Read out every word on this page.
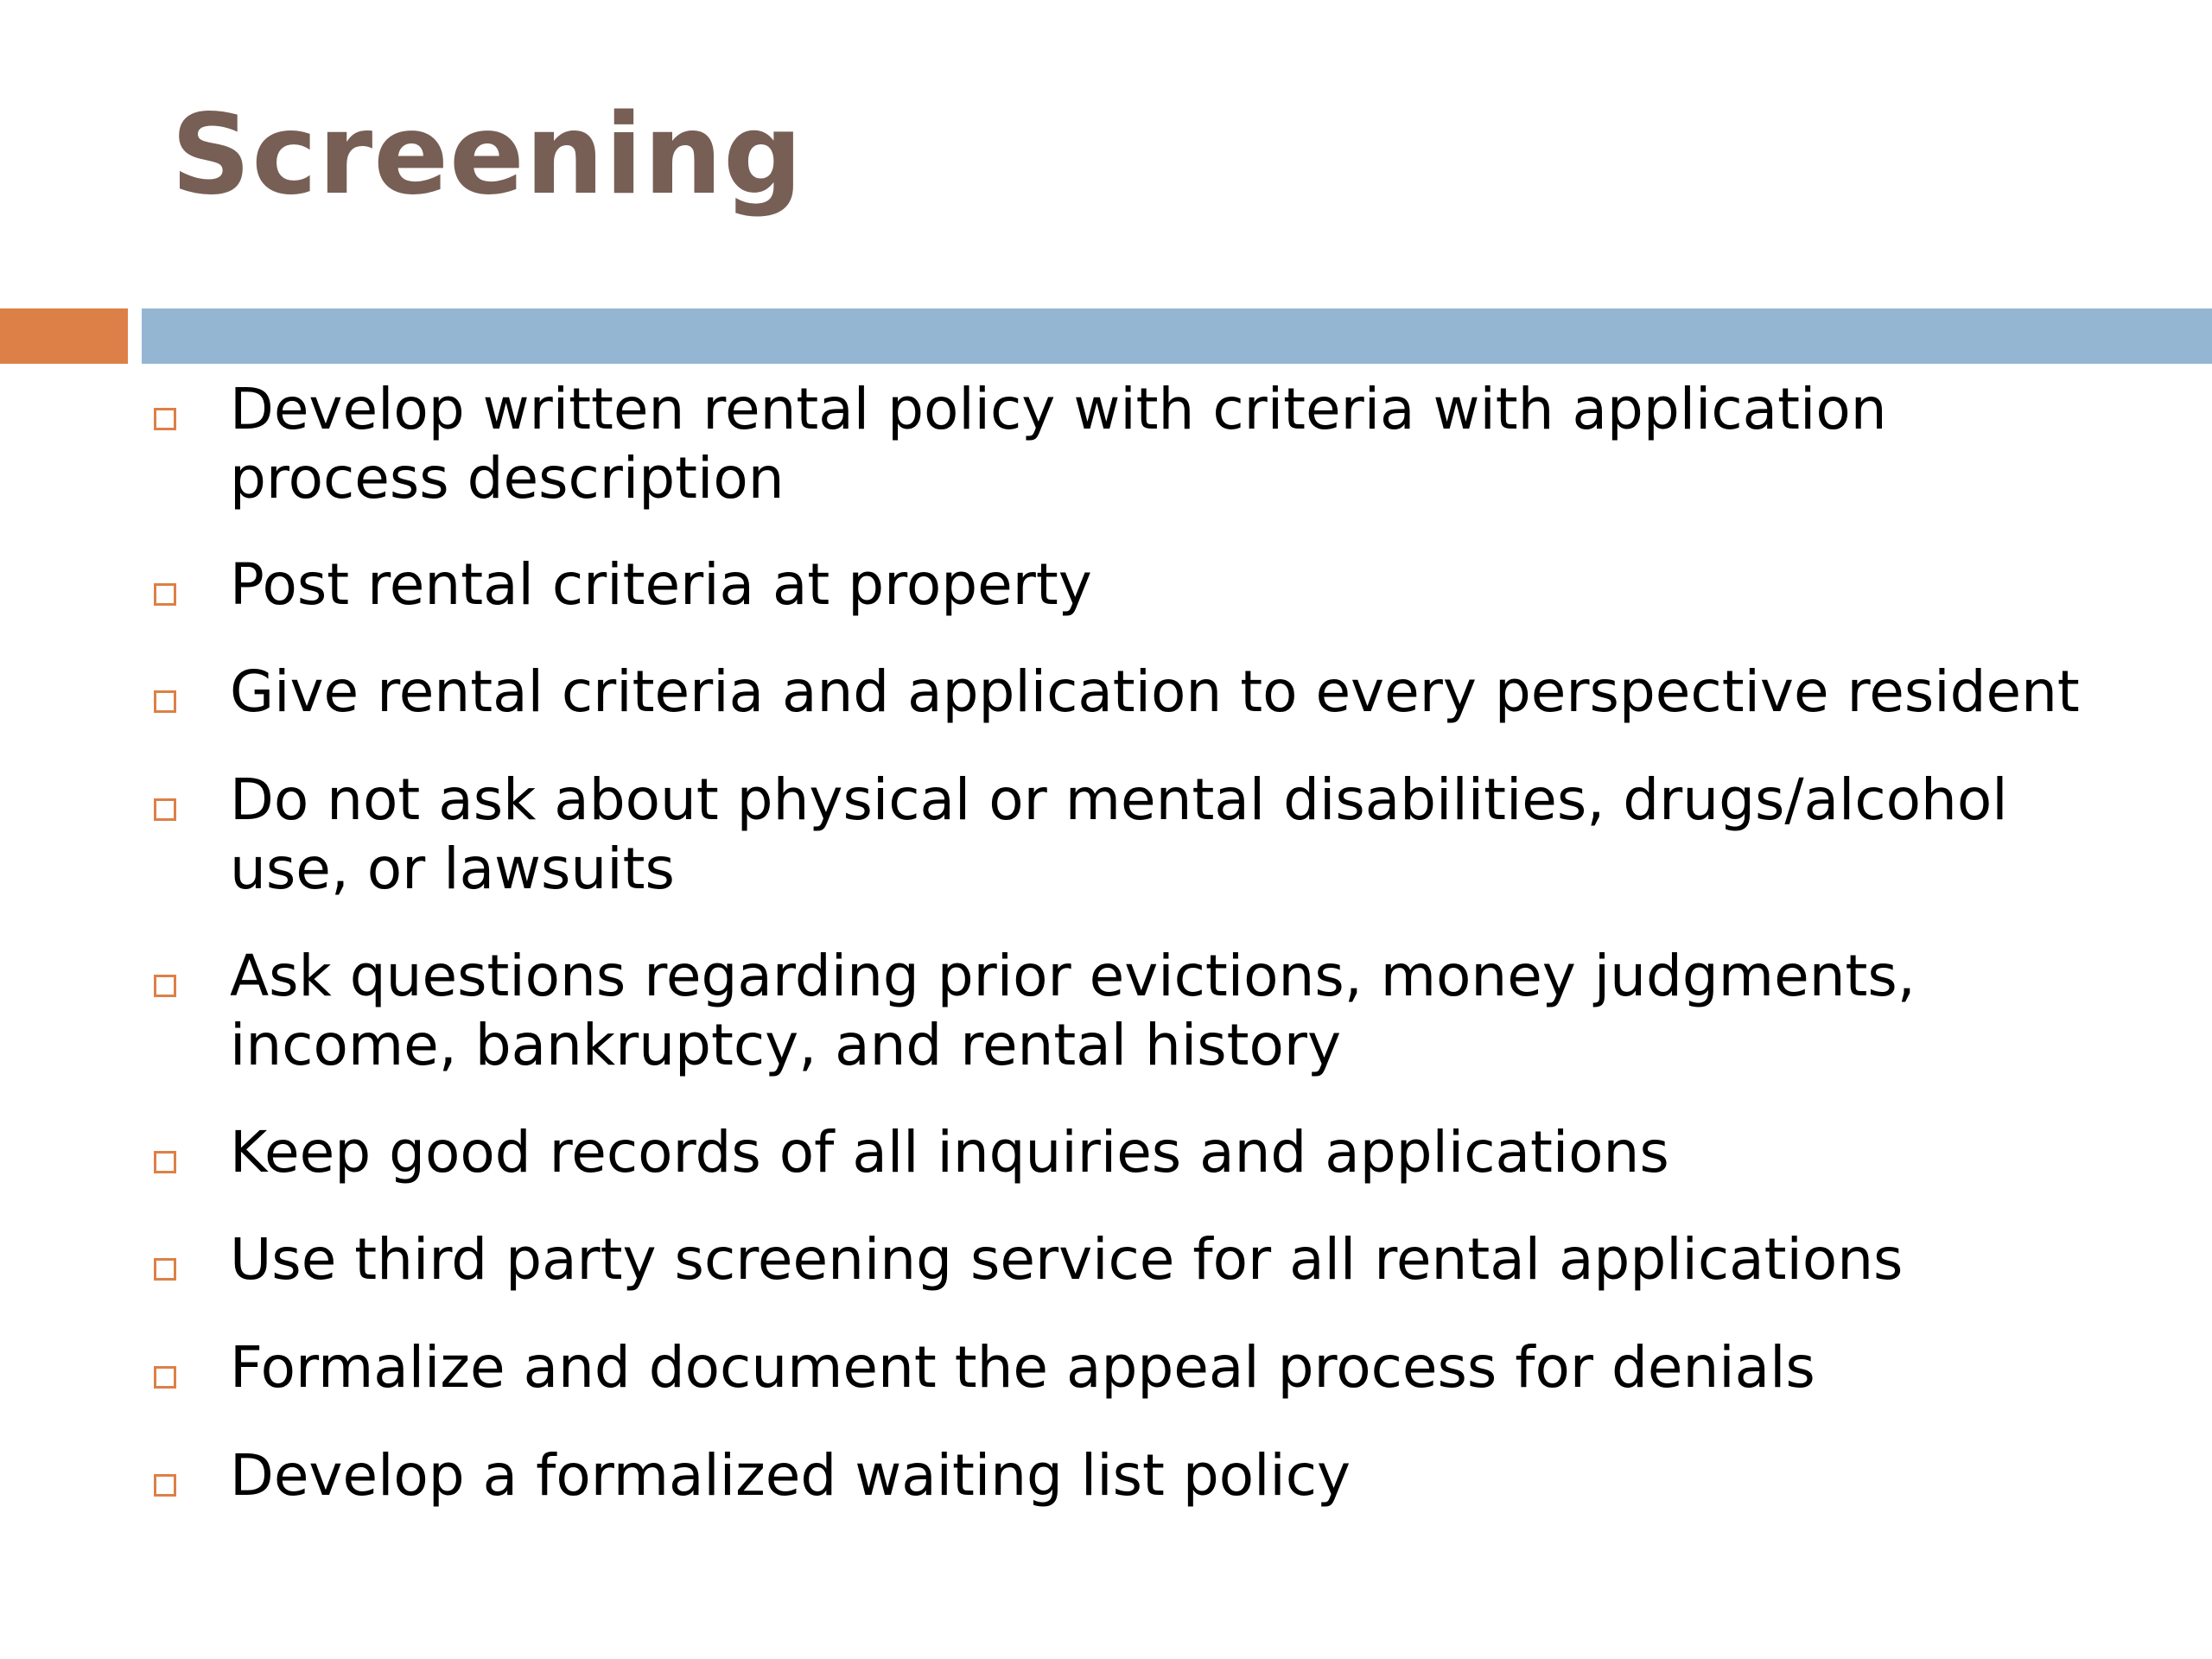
Screening
Develop written rental policy with criteria with application process description
Post rental criteria at property
Give rental criteria and application to every perspective resident
Do not ask about physical or mental disabilities, drugs/alcohol use, or lawsuits
Ask questions regarding prior evictions, money judgments, income, bankruptcy, and rental history
Keep good records of all inquiries and applications
Use third party screening service for all rental applications
Formalize and document the appeal process for denials
Develop a formalized waiting list policy
